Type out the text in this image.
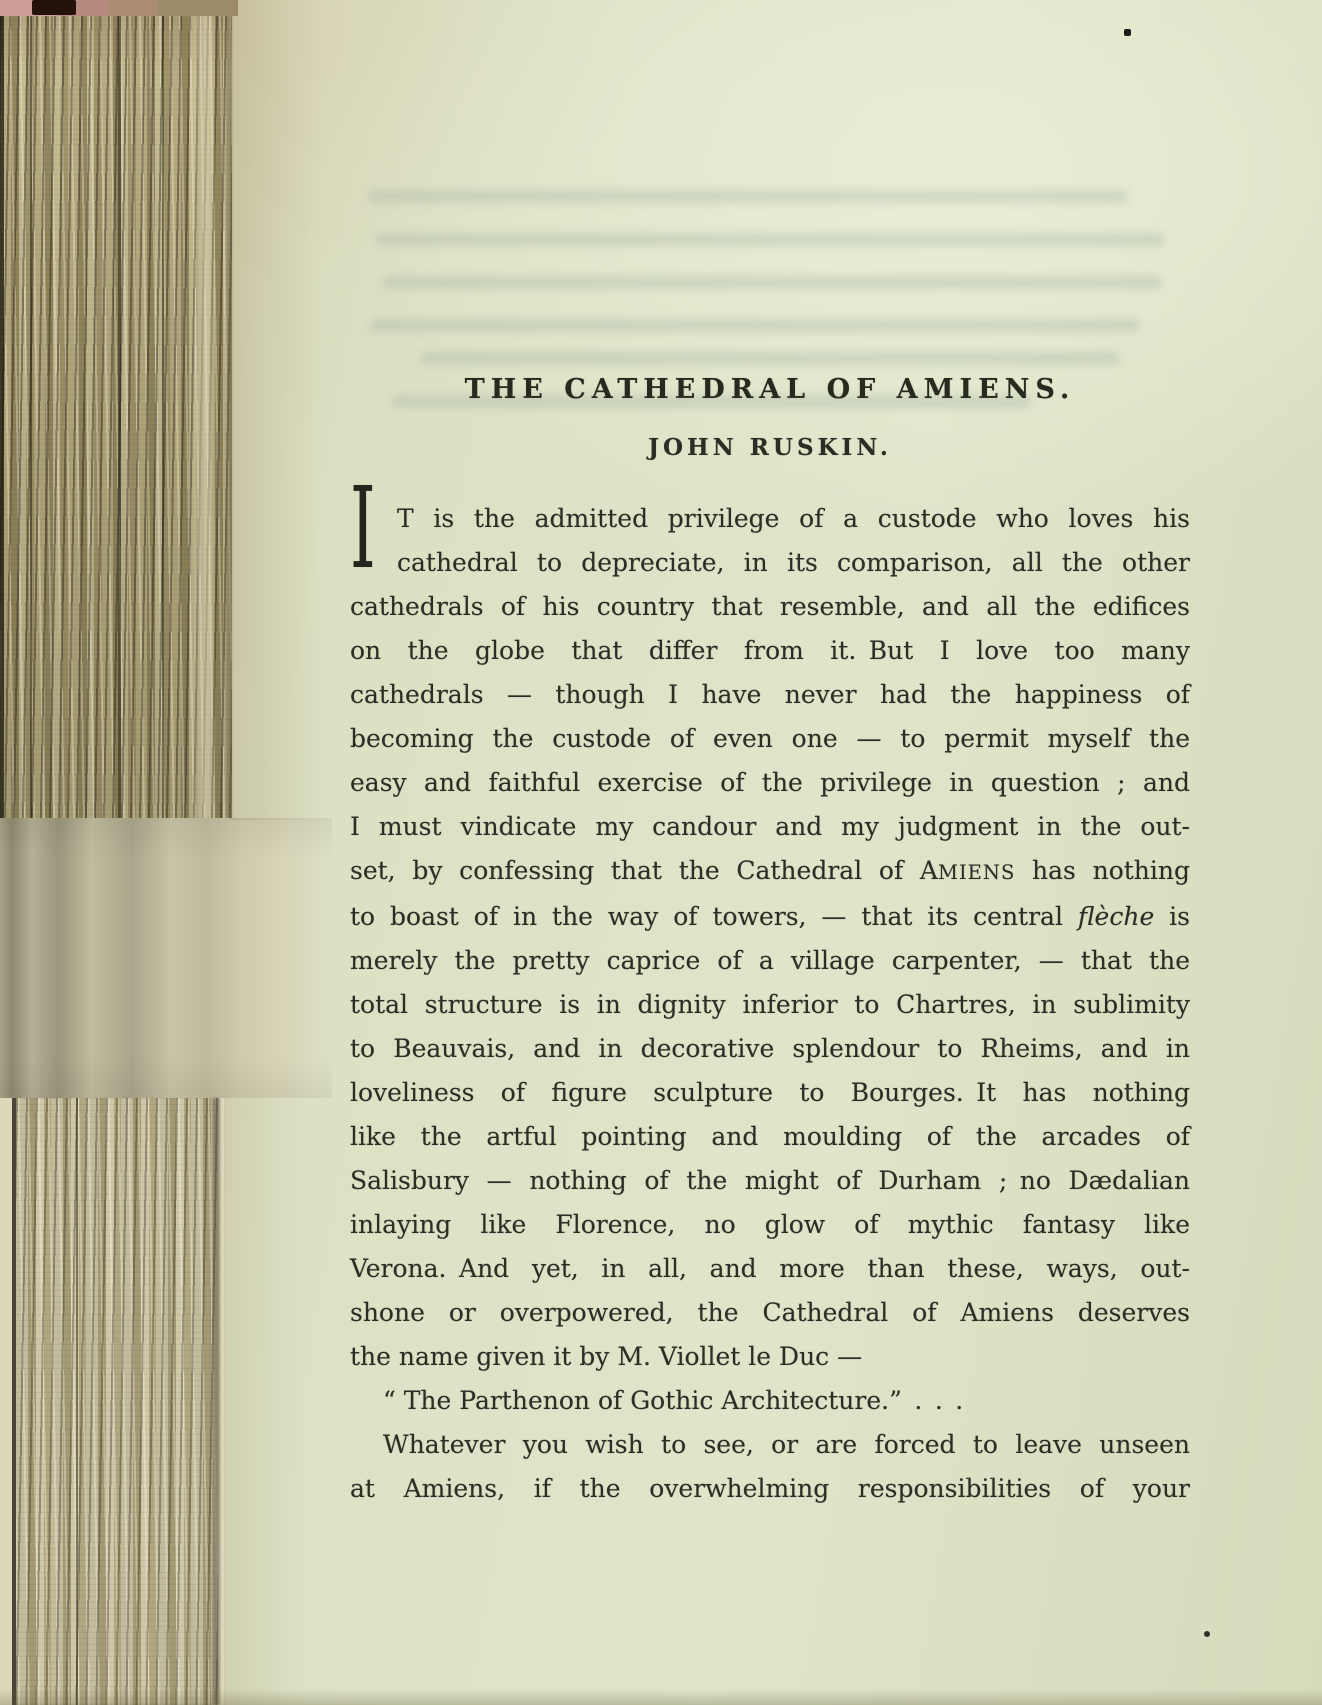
THE CATHEDRAL OF AMIENS.
JOHN RUSKIN.
I T is the admitted privilege of a custode who loves his
cathedral to depreciate, in its comparison, all the other
cathedrals of his country that resemble, and all the edifices
on the globe that differ from it. But I love too many
cathedrals — though I have never had the happiness of
becoming the custode of even one — to permit myself the
easy and faithful exercise of the privilege in question ; and
I must vindicate my candour and my judgment in the out-
set, by confessing that the Cathedral of AMIENS has nothing
to boast of in the way of towers, — that its central flèche is
merely the pretty caprice of a village carpenter, — that the
total structure is in dignity inferior to Chartres, in sublimity
to Beauvais, and in decorative splendour to Rheims, and in
loveliness of figure sculpture to Bourges. It has nothing
like the artful pointing and moulding of the arcades of
Salisbury — nothing of the might of Durham ; no Dædalian
inlaying like Florence, no glow of mythic fantasy like
Verona. And yet, in all, and more than these, ways, out-
shone or overpowered, the Cathedral of Amiens deserves
the name given it by M. Viollet le Duc —
“ The Parthenon of Gothic Architecture.” . . .
Whatever you wish to see, or are forced to leave unseen
at Amiens, if the overwhelming responsibilities of your
